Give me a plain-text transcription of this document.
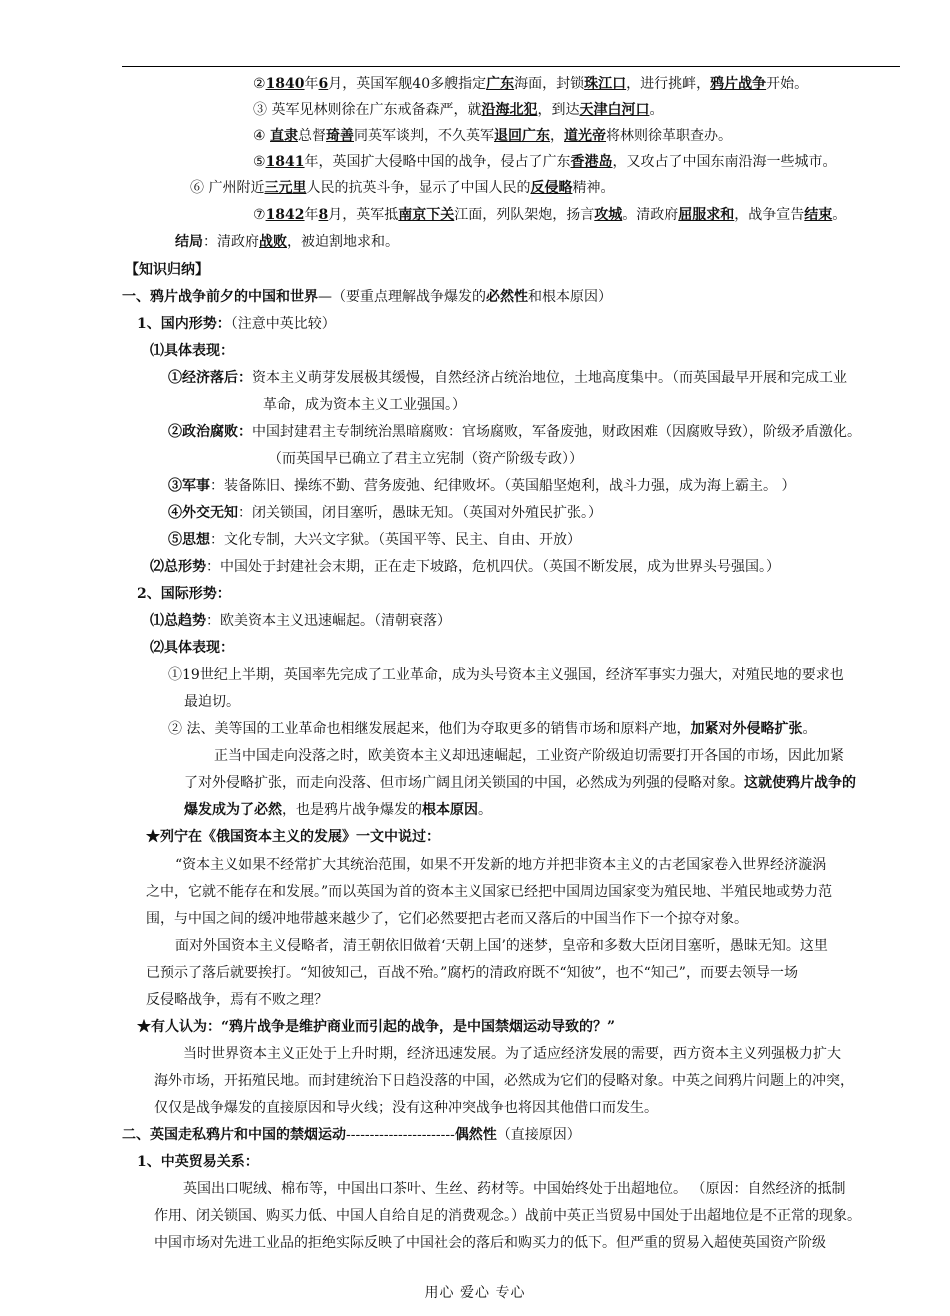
②1840年6月，英国军舰40多艘指定广东海面，封锁珠江口，进行挑衅，鸦片战争开始。
③ 英军见林则徐在广东戒备森严，就沿海北犯，到达天津白河口。
④ 直隶总督琦善同英军谈判，不久英军退回广东，道光帝将林则徐革职查办。
⑤1841年，英国扩大侵略中国的战争，侵占了广东香港岛，又攻占了中国东南沿海一些城市。
⑥ 广州附近三元里人民的抗英斗争，显示了中国人民的反侵略精神。
⑦1842年8月，英军抵南京下关江面，列队架炮，扬言攻城。清政府屈服求和，战争宣告结束。
结局：清政府战败，被迫割地求和。
【知识归纳】
一、鸦片战争前夕的中国和世界—（要重点理解战争爆发的必然性和根本原因）
1、国内形势：（注意中英比较）
⑴具体表现：
①经济落后：资本主义萌芽发展极其缓慢，自然经济占统治地位，土地高度集中。（而英国最早开展和完成工业
革命，成为资本主义工业强国。）
②政治腐败：中国封建君主专制统治黑暗腐败：官场腐败，军备废弛，财政困难（因腐败导致），阶级矛盾激化。
（而英国早已确立了君主立宪制（资产阶级专政））
③军事：装备陈旧、操练不勤、营务废弛、纪律败坏。（英国船坚炮利，战斗力强，成为海上霸主。 ）
④外交无知：闭关锁国，闭目塞听，愚昧无知。（英国对外殖民扩张。）
⑤思想：文化专制，大兴文字狱。（英国平等、民主、自由、开放）
⑵总形势：中国处于封建社会末期，正在走下坡路，危机四伏。（英国不断发展，成为世界头号强国。）
2、国际形势：
⑴总趋势：欧美资本主义迅速崛起。（清朝衰落）
⑵具体表现：
①19世纪上半期，英国率先完成了工业革命，成为头号资本主义强国，经济军事实力强大，对殖民地的要求也
最迫切。
② 法、美等国的工业革命也相继发展起来，他们为夺取更多的销售市场和原料产地，加紧对外侵略扩张。
正当中国走向没落之时，欧美资本主义却迅速崛起，工业资产阶级迫切需要打开各国的市场，因此加紧
了对外侵略扩张，而走向没落、但市场广阔且闭关锁国的中国，必然成为列强的侵略对象。这就使鸦片战争的
爆发成为了必然，也是鸦片战争爆发的根本原因。
★列宁在《俄国资本主义的发展》一文中说过：
“资本主义如果不经常扩大其统治范围，如果不开发新的地方并把非资本主义的古老国家卷入世界经济漩涡
之中，它就不能存在和发展。”而以英国为首的资本主义国家已经把中国周边国家变为殖民地、半殖民地或势力范
围，与中国之间的缓冲地带越来越少了，它们必然要把古老而又落后的中国当作下一个掠夺对象。
面对外国资本主义侵略者，清王朝依旧做着‘天朝上国’的迷梦，皇帝和多数大臣闭目塞听，愚昧无知。这里
已预示了落后就要挨打。“知彼知己，百战不殆。”腐朽的清政府既不“知彼”，也不“知己”，而要去领导一场
反侵略战争，焉有不败之理？
★有人认为：“鸦片战争是维护商业而引起的战争，是中国禁烟运动导致的？”
当时世界资本主义正处于上升时期，经济迅速发展。为了适应经济发展的需要，西方资本主义列强极力扩大
海外市场，开拓殖民地。而封建统治下日趋没落的中国，必然成为它们的侵略对象。中英之间鸦片问题上的冲突，
仅仅是战争爆发的直接原因和导火线；没有这种冲突战争也将因其他借口而发生。
二、英国走私鸦片和中国的禁烟运动-----------------------偶然性（直接原因）
1、中英贸易关系：
英国出口呢绒、棉布等，中国出口茶叶、生丝、药材等。中国始终处于出超地位。 （原因：自然经济的抵制
作用、闭关锁国、购买力低、中国人自给自足的消费观念。）战前中英正当贸易中国处于出超地位是不正常的现象。
中国市场对先进工业品的拒绝实际反映了中国社会的落后和购买力的低下。但严重的贸易入超使英国资产阶级
用心 爱心 专心
